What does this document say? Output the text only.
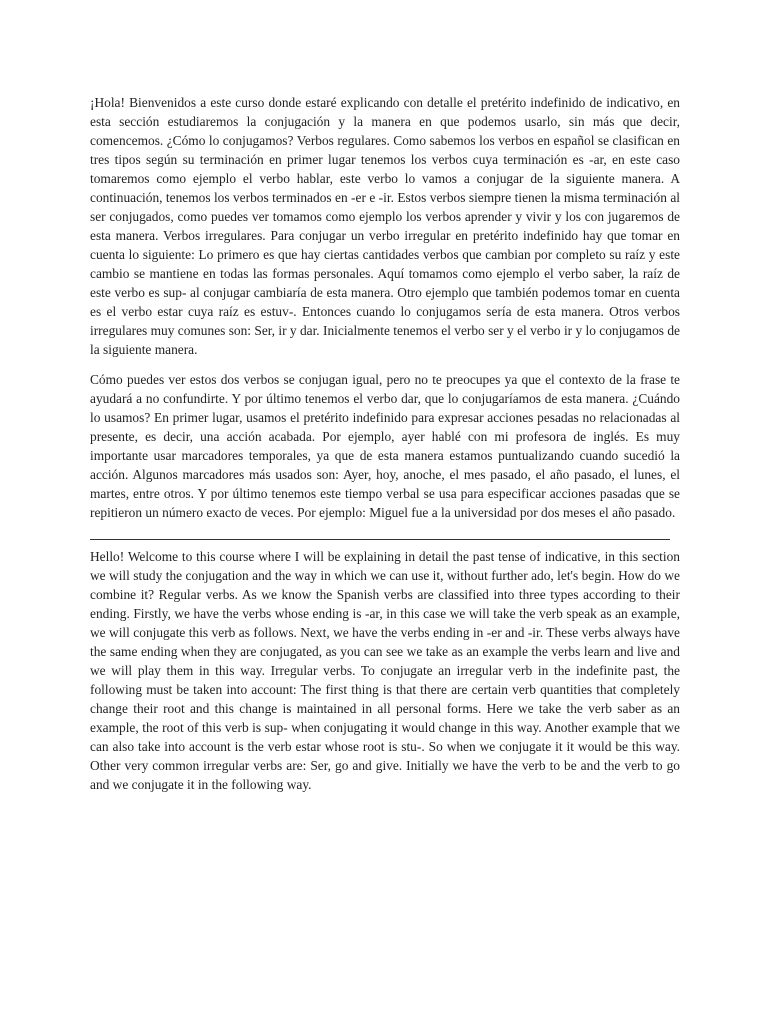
¡Hola! Bienvenidos a este curso donde estaré explicando con detalle el pretérito indefinido de indicativo, en esta sección estudiaremos la conjugación y la manera en que podemos usarlo, sin más que decir, comencemos. ¿Cómo lo conjugamos? Verbos regulares. Como sabemos los verbos en español se clasifican en tres tipos según su terminación en primer lugar tenemos los verbos cuya terminación es -ar, en este caso tomaremos como ejemplo el verbo hablar, este verbo lo vamos a conjugar de la siguiente manera. A continuación, tenemos los verbos terminados en -er e -ir. Estos verbos siempre tienen la misma terminación al ser conjugados, como puedes ver tomamos como ejemplo los verbos aprender y vivir y los con jugaremos de esta manera. Verbos irregulares. Para conjugar un verbo irregular en pretérito indefinido hay que tomar en cuenta lo siguiente: Lo primero es que hay ciertas cantidades verbos que cambian por completo su raíz y este cambio se mantiene en todas las formas personales. Aquí tomamos como ejemplo el verbo saber, la raíz de este verbo es sup- al conjugar cambiaría de esta manera. Otro ejemplo que también podemos tomar en cuenta es el verbo estar cuya raíz es estuv-. Entonces cuando lo conjugamos sería de esta manera. Otros verbos irregulares muy comunes son: Ser, ir y dar. Inicialmente tenemos el verbo ser y el verbo ir y lo conjugamos de la siguiente manera.

Cómo puedes ver estos dos verbos se conjugan igual, pero no te preocupes ya que el contexto de la frase te ayudará a no confundirte. Y por último tenemos el verbo dar, que lo conjugaríamos de esta manera. ¿Cuándo lo usamos? En primer lugar, usamos el pretérito indefinido para expresar acciones pesadas no relacionadas al presente, es decir, una acción acabada. Por ejemplo, ayer hablé con mi profesora de inglés. Es muy importante usar marcadores temporales, ya que de esta manera estamos puntualizando cuando sucedió la acción. Algunos marcadores más usados son: Ayer, hoy, anoche, el mes pasado, el año pasado, el lunes, el martes, entre otros. Y por último tenemos este tiempo verbal se usa para especificar acciones pasadas que se repitieron un número exacto de veces. Por ejemplo: Miguel fue a la universidad por dos meses el año pasado.

Hello! Welcome to this course where I will be explaining in detail the past tense of indicative, in this section we will study the conjugation and the way in which we can use it, without further ado, let's begin. How do we combine it? Regular verbs. As we know the Spanish verbs are classified into three types according to their ending. Firstly, we have the verbs whose ending is -ar, in this case we will take the verb speak as an example, we will conjugate this verb as follows. Next, we have the verbs ending in -er and -ir. These verbs always have the same ending when they are conjugated, as you can see we take as an example the verbs learn and live and we will play them in this way. Irregular verbs. To conjugate an irregular verb in the indefinite past, the following must be taken into account: The first thing is that there are certain verb quantities that completely change their root and this change is maintained in all personal forms. Here we take the verb saber as an example, the root of this verb is sup- when conjugating it would change in this way. Another example that we can also take into account is the verb estar whose root is stu-. So when we conjugate it it would be this way. Other very common irregular verbs are: Ser, go and give. Initially we have the verb to be and the verb to go and we conjugate it in the following way.
